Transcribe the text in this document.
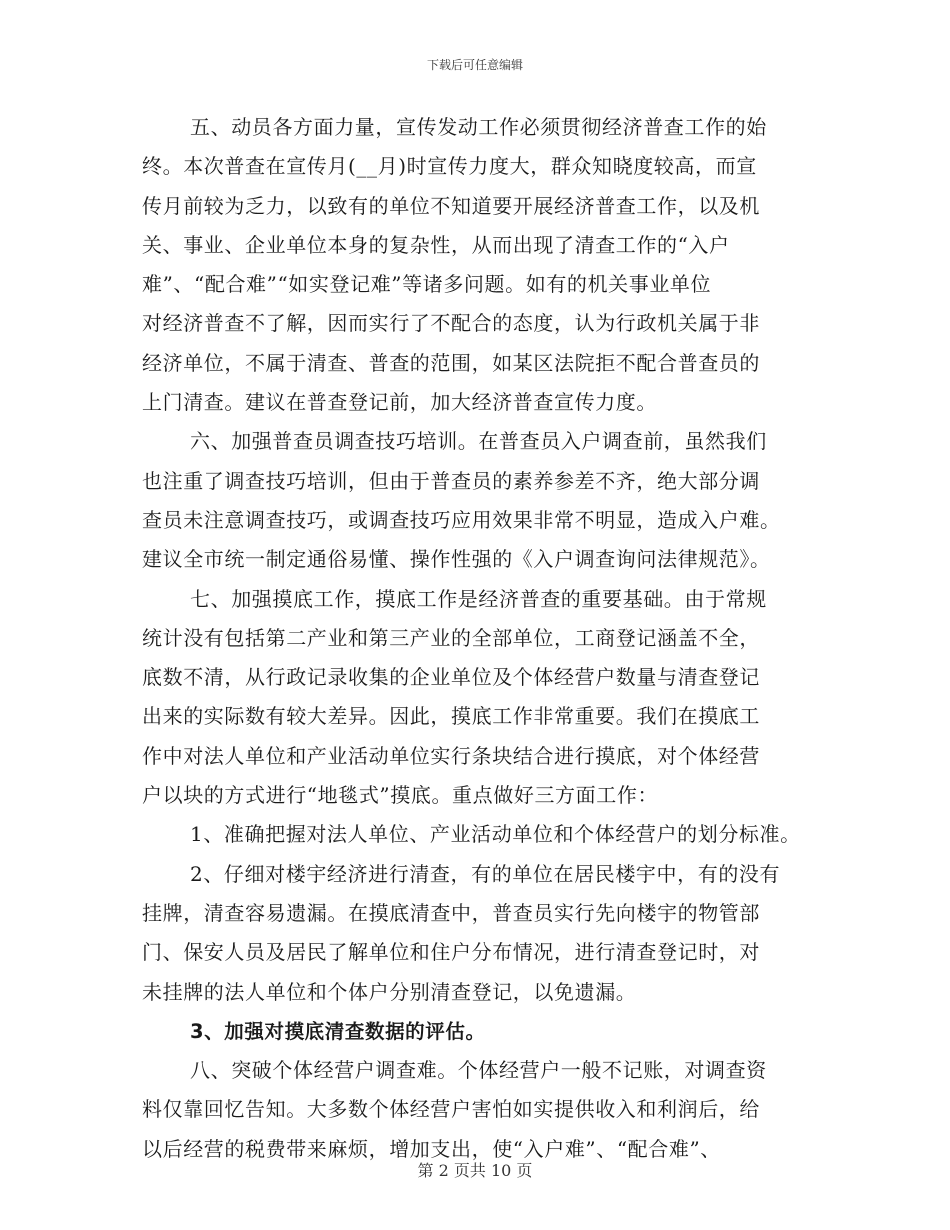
下载后可任意编辑
五、动员各方面力量，宣传发动工作必须贯彻经济普查工作的始
终。本次普查在宣传月(__月)时宣传力度大，群众知晓度较高，而宣
传月前较为乏力，以致有的单位不知道要开展经济普查工作，以及机
关、事业、企业单位本身的复杂性，从而出现了清查工作的“入户
难”、“配合难”“如实登记难”等诸多问题。如有的机关事业单位
对经济普查不了解，因而实行了不配合的态度，认为行政机关属于非
经济单位，不属于清查、普查的范围，如某区法院拒不配合普查员的
上门清查。建议在普查登记前，加大经济普查宣传力度。
六、加强普查员调查技巧培训。在普查员入户调查前，虽然我们
也注重了调查技巧培训，但由于普查员的素养参差不齐，绝大部分调
查员未注意调查技巧，或调查技巧应用效果非常不明显，造成入户难。
建议全市统一制定通俗易懂、操作性强的《入户调查询问法律规范》。
七、加强摸底工作，摸底工作是经济普查的重要基础。由于常规
统计没有包括第二产业和第三产业的全部单位，工商登记涵盖不全，
底数不清，从行政记录收集的企业单位及个体经营户数量与清查登记
出来的实际数有较大差异。因此，摸底工作非常重要。我们在摸底工
作中对法人单位和产业活动单位实行条块结合进行摸底，对个体经营
户以块的方式进行“地毯式”摸底。重点做好三方面工作：
1、准确把握对法人单位、产业活动单位和个体经营户的划分标准。
2、仔细对楼宇经济进行清查，有的单位在居民楼宇中，有的没有
挂牌，清查容易遗漏。在摸底清查中，普查员实行先向楼宇的物管部
门、保安人员及居民了解单位和住户分布情况，进行清查登记时，对
未挂牌的法人单位和个体户分别清查登记，以免遗漏。
3、加强对摸底清查数据的评估。
八、突破个体经营户调查难。个体经营户一般不记账，对调查资
料仅靠回忆告知。大多数个体经营户害怕如实提供收入和利润后，给
以后经营的税费带来麻烦，增加支出，使“入户难”、“配合难”、
第 2 页共 10 页
